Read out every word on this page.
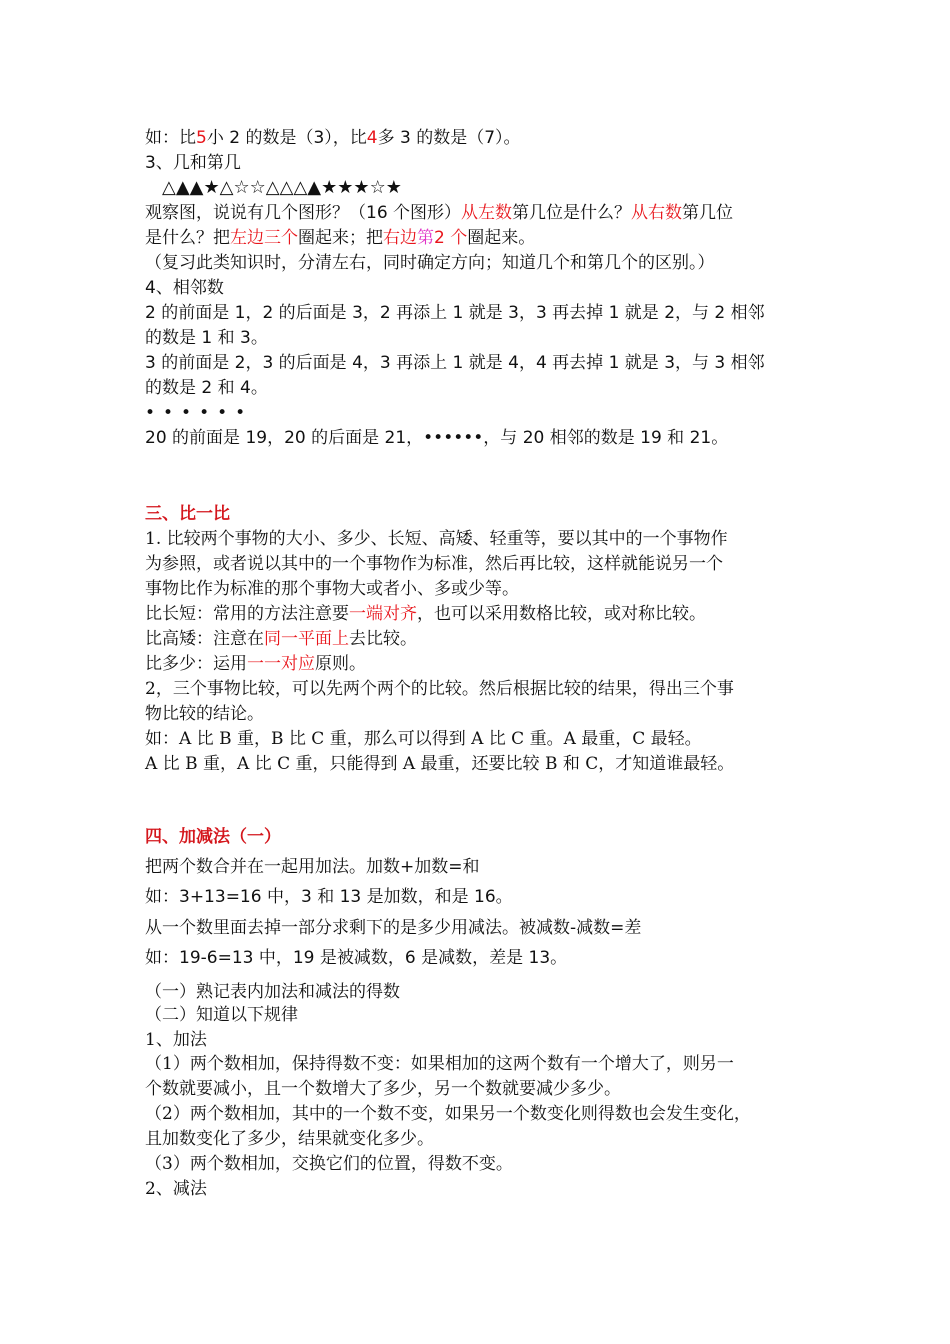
如：比5小 2 的数是（3），比4多 3 的数是（7）。
3、几和第几
△▲▲★△☆☆△△△▲★★★☆★
观察图，说说有几个图形？（16 个图形）从左数第几位是什么？从右数第几位
是什么？把左边三个圈起来；把右边第2 个圈起来。
（复习此类知识时，分清左右，同时确定方向；知道几个和第几个的区别。）
4、相邻数
2 的前面是 1，2 的后面是 3，2 再添上 1 就是 3，3 再去掉 1 就是 2，与 2 相邻
的数是 1 和 3。
3 的前面是 2，3 的后面是 4，3 再添上 1 就是 4，4 再去掉 1 就是 3，与 3 相邻
的数是 2 和 4。
••••••
20 的前面是 19，20 的后面是 21，••••••，与 20 相邻的数是 19 和 21。
三、比一比
1. 比较两个事物的大小、多少、长短、高矮、轻重等，要以其中的一个事物作
为参照，或者说以其中的一个事物作为标准，然后再比较，这样就能说另一个
事物比作为标准的那个事物大或者小、多或少等。
比长短：常用的方法注意要一端对齐，也可以采用数格比较，或对称比较。
比高矮：注意在同一平面上去比较。
比多少：运用一一对应原则。
2，三个事物比较，可以先两个两个的比较。然后根据比较的结果，得出三个事
物比较的结论。
如：A 比 B 重，B 比 C 重，那么可以得到 A 比 C 重。A 最重，C 最轻。
A 比 B 重，A 比 C 重，只能得到 A 最重，还要比较 B 和 C，才知道谁最轻。
四、加减法（一）
把两个数合并在一起用加法。加数+加数=和
如：3+13=16 中，3 和 13 是加数，和是 16。
从一个数里面去掉一部分求剩下的是多少用减法。被减数-减数=差
如：19-6=13 中，19 是被减数，6 是减数，差是 13。
（一）熟记表内加法和减法的得数
（二）知道以下规律
1、加法
（1）两个数相加，保持得数不变：如果相加的这两个数有一个增大了，则另一
个数就要减小，且一个数增大了多少，另一个数就要减少多少。
（2）两个数相加，其中的一个数不变，如果另一个数变化则得数也会发生变化，
且加数变化了多少，结果就变化多少。
（3）两个数相加，交换它们的位置，得数不变。
2、减法
